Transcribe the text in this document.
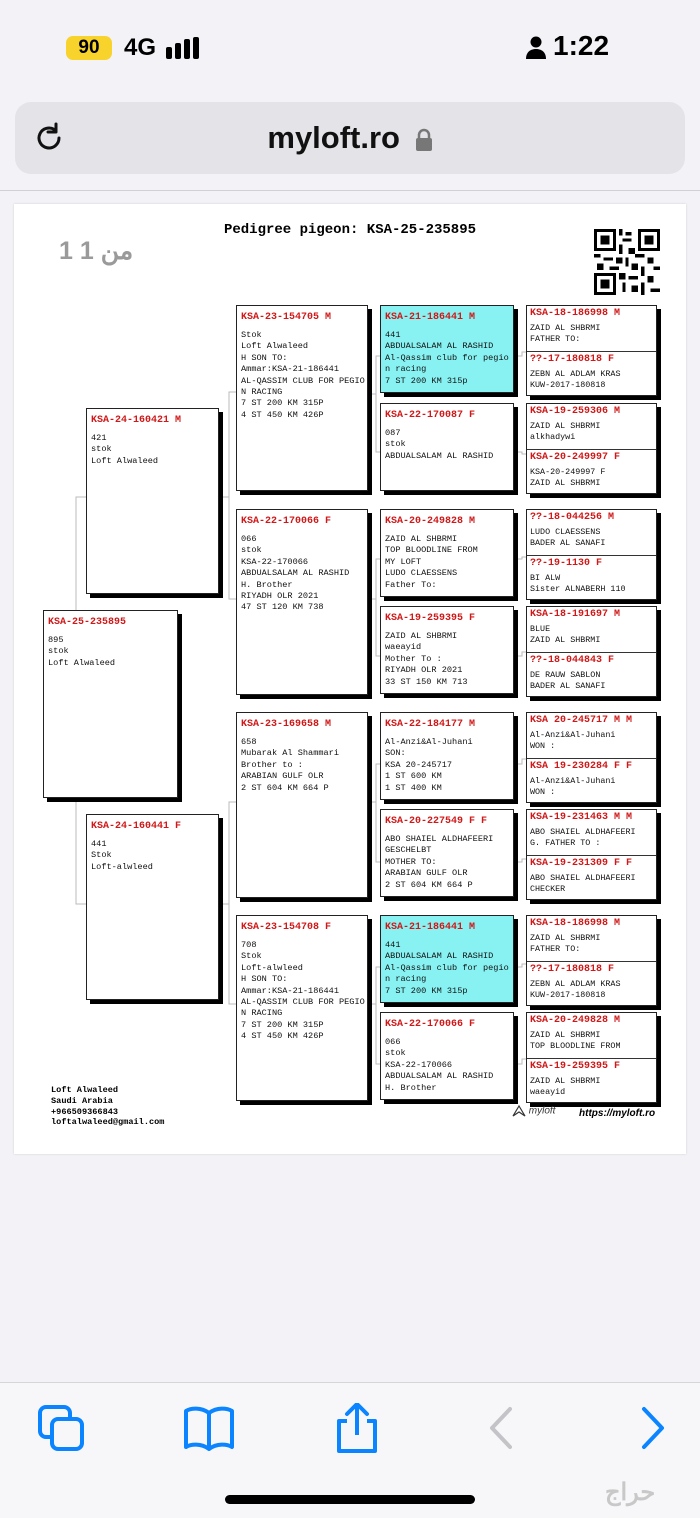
90	4G	1:22
myloft.ro
Pedigree pigeon: KSA-25-235895
1 من 1
KSA-25-235895
895
stok
Loft Alwaleed
KSA-24-160421 M
421
stok
Loft Alwaleed
KSA-24-160441 F
441
Stok
Loft-alwleed
KSA-23-154705 M
Stok
Loft Alwaleed
H SON TO:
Ammar:KSA-21-186441
AL-QASSIM CLUB FOR PEGIO
N RACING
7 ST 200 KM 315P
4 ST 450 KM 426P
KSA-22-170066 F
066
stok
KSA-22-170066
ABDUALSALAM AL RASHID
H. Brother
RIYADH OLR 2021
47 ST 120 KM 738
KSA-23-169658 M
658
Mubarak Al Shammari
Brother to :
ARABIAN GULF OLR
2 ST 604 KM 664 P
KSA-23-154708 F
708
Stok
Loft-alwleed
H SON TO:
Ammar:KSA-21-186441
AL-QASSIM CLUB FOR PEGIO
N RACING
7 ST 200 KM 315P
4 ST 450 KM 426P
KSA-21-186441 M
441
ABDUALSALAM AL RASHID
Al-Qassim club for pegio
n racing
7 ST 200 KM 315p
KSA-22-170087 F
087
stok
ABDUALSALAM AL RASHID
KSA-20-249828 M
ZAID AL SHBRMI
TOP BLOODLINE FROM
MY LOFT
LUDO CLAESSENS
Father To:
KSA-19-259395 F
ZAID AL SHBRMI
waeayid
Mother To :
RIYADH OLR 2021
33 ST 150 KM 713
KSA-22-184177 M
Al-Anzi&Al-Juhani
SON:
KSA 20-245717
1 ST 600 KM
1 ST 400 KM
KSA-20-227549 F F
ABO SHAIEL ALDHAFEERI
GESCHELBT
MOTHER TO:
ARABIAN GULF OLR
2 ST 604 KM 664 P
KSA-21-186441 M
441
ABDUALSALAM AL RASHID
Al-Qassim club for pegio
n racing
7 ST 200 KM 315p
KSA-22-170066 F
066
stok
KSA-22-170066
ABDUALSALAM AL RASHID
H. Brother
KSA-18-186998 M
ZAID AL SHBRMI
FATHER TO:
??-17-180818 F
ZEBN AL ADLAM KRAS
KUW-2017-180818
KSA-19-259306 M
ZAID AL SHBRMI
alkhadywi
KSA-20-249997 F
KSA-20-249997 F
ZAID AL SHBRMI
??-18-044256 M
LUDO CLAESSENS
BADER AL SANAFI
??-19-1130 F
BI ALW
Sister ALNABERH 110
KSA-18-191697 M
BLUE
ZAID AL SHBRMI
??-18-044843 F
DE RAUW SABLON
BADER AL SANAFI
KSA 20-245717 M M
Al-Anzi&Al-Juhani
WON :
KSA 19-230284 F F
Al-Anzi&Al-Juhani
WON :
KSA-19-231463 M M
ABO SHAIEL ALDHAFEERI
G. FATHER TO :
KSA-19-231309 F F
ABO SHAIEL ALDHAFEERI
CHECKER
KSA-18-186998 M
ZAID AL SHBRMI
FATHER TO:
??-17-180818 F
ZEBN AL ADLAM KRAS
KUW-2017-180818
KSA-20-249828 M
ZAID AL SHBRMI
TOP BLOODLINE FROM
KSA-19-259395 F
ZAID AL SHBRMI
waeayid
Loft Alwaleed
Saudi Arabia
+966509366843
loftalwaleed@gmail.com
myloft https://myloft.ro
حراج
